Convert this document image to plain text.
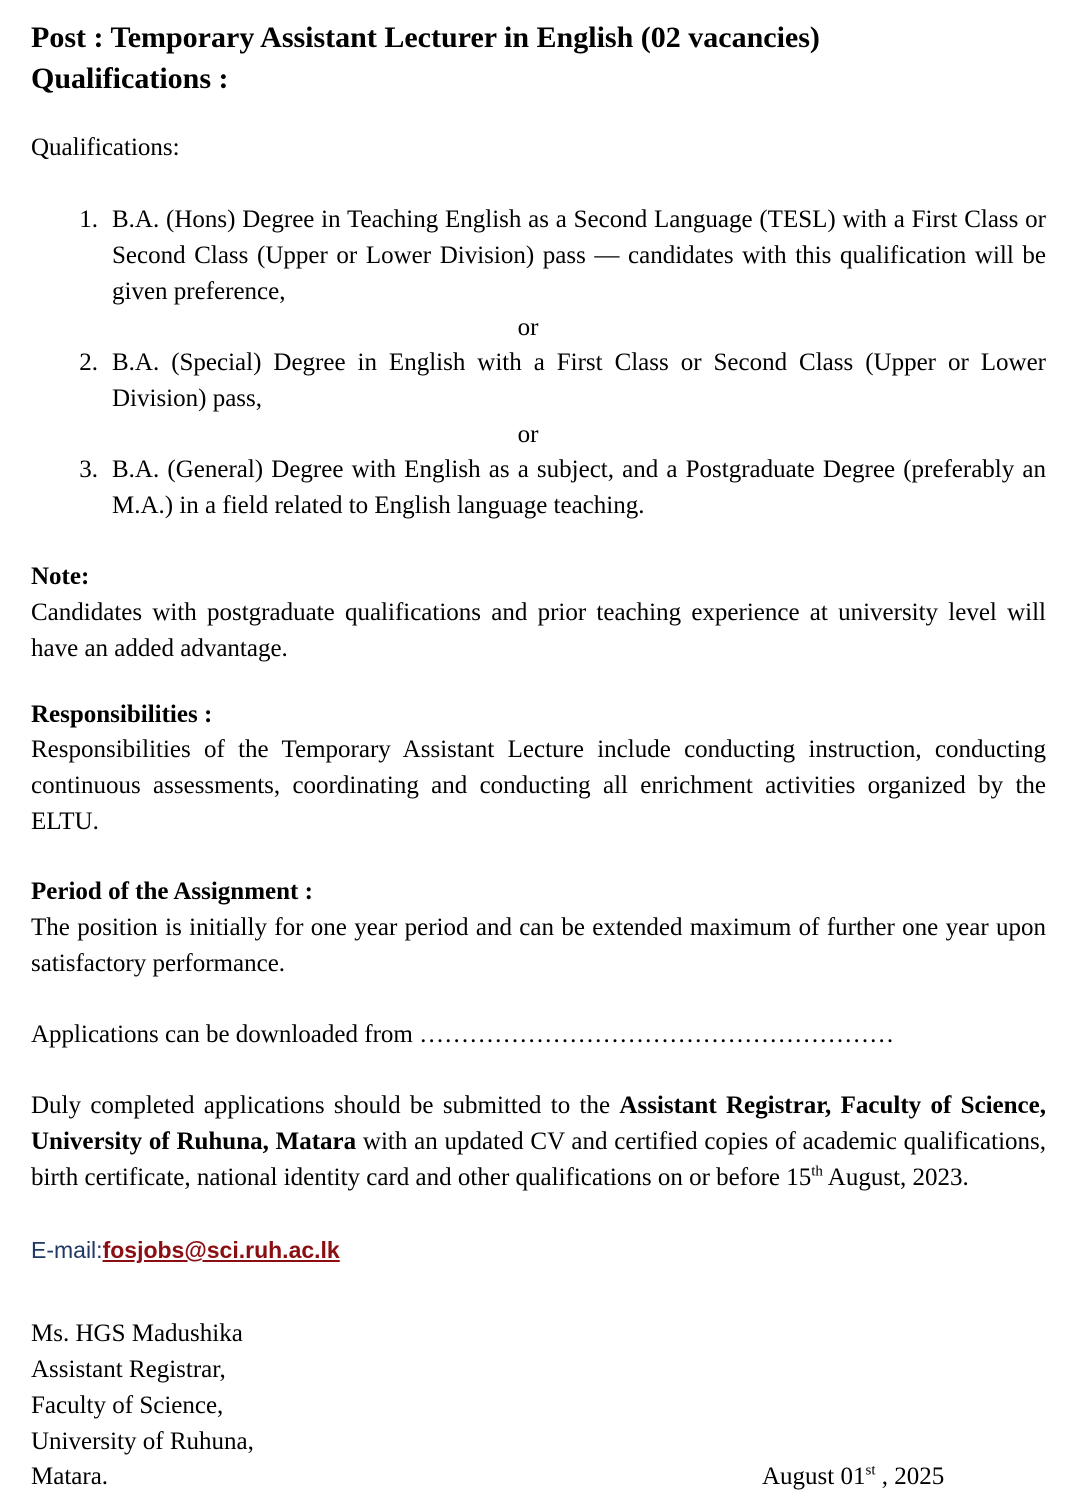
Post : Temporary Assistant Lecturer in English (02 vacancies)
Qualifications :
Qualifications:
1. B.A. (Hons) Degree in Teaching English as a Second Language (TESL) with a First Class or Second Class (Upper or Lower Division) pass — candidates with this qualification will be given preference,
or
2. B.A. (Special) Degree in English with a First Class or Second Class (Upper or Lower Division) pass,
or
3. B.A. (General) Degree with English as a subject, and a Postgraduate Degree (preferably an M.A.) in a field related to English language teaching.
Note:
Candidates with postgraduate qualifications and prior teaching experience at university level will have an added advantage.
Responsibilities :
Responsibilities of the Temporary Assistant Lecture include conducting instruction, conducting continuous assessments, coordinating and conducting all enrichment activities organized by the ELTU.
Period of the Assignment :
The position is initially for one year period and can be extended maximum of further one year upon satisfactory performance.
Applications can be downloaded from …………………………………………………
Duly completed applications should be submitted to the Assistant Registrar, Faculty of Science, University of Ruhuna, Matara with an updated CV and certified copies of academic qualifications, birth certificate, national identity card and other qualifications on or before 15th August, 2023.
E-mail:fosjobs@sci.ruh.ac.lk
Ms. HGS Madushika
Assistant Registrar,
Faculty of Science,
University of Ruhuna,
Matara.	August 01st , 2025
